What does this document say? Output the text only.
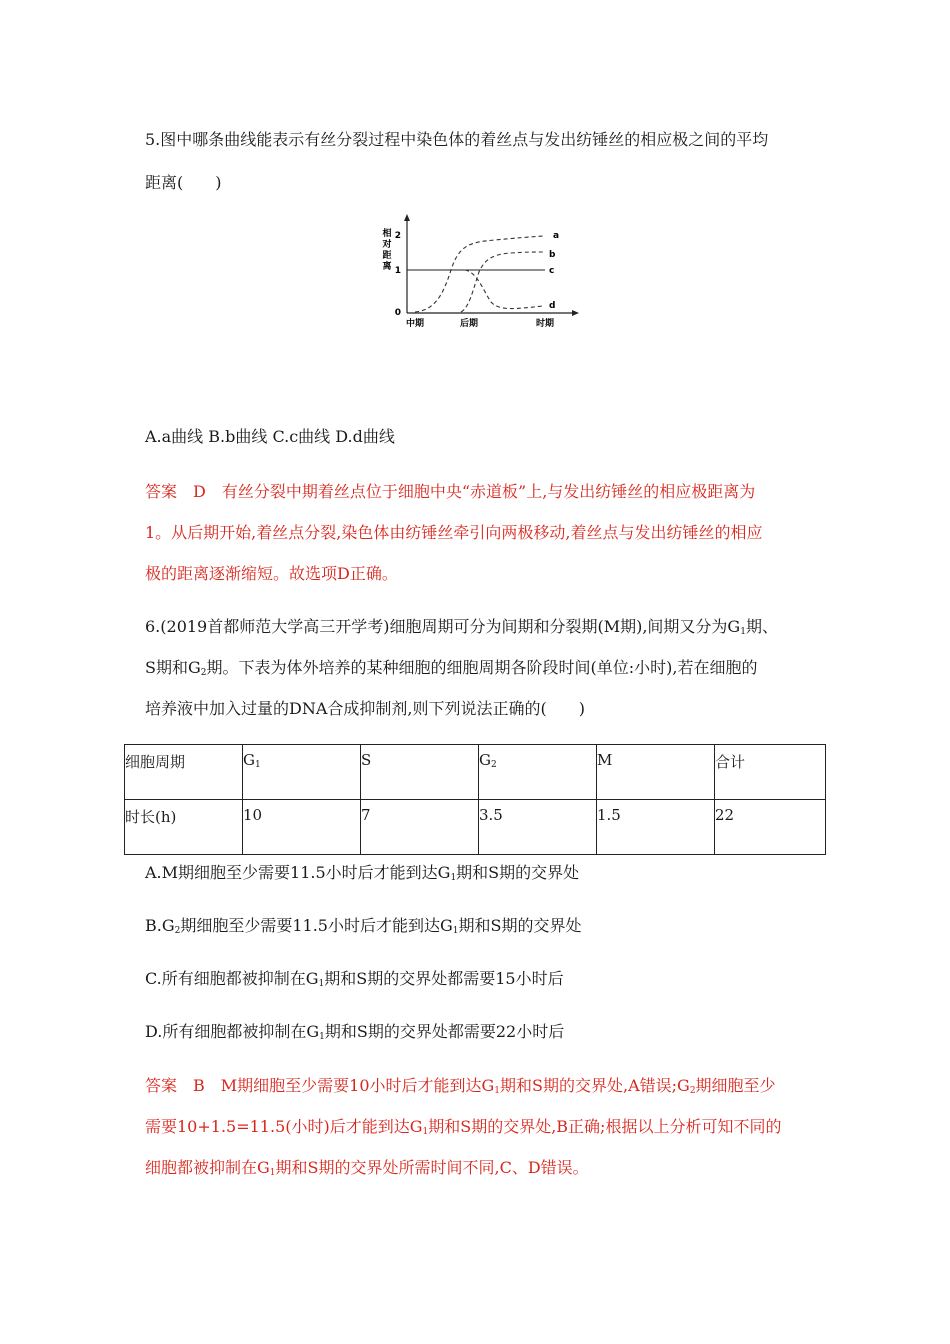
5.图中哪条曲线能表示有丝分裂过程中染色体的着丝点与发出纺锤丝的相应极之间的平均
距离(　　)
相
对
距
离
2
1
0
中期	后期	时期
a
b
c
d
A.a曲线 B.b曲线 C.c曲线 D.d曲线
答案　D　有丝分裂中期着丝点位于细胞中央“赤道板”上,与发出纺锤丝的相应极距离为
1。从后期开始,着丝点分裂,染色体由纺锤丝牵引向两极移动,着丝点与发出纺锤丝的相应
极的距离逐渐缩短。故选项D正确。
6.(2019首都师范大学高三开学考)细胞周期可分为间期和分裂期(M期),间期又分为$G_1$期、
S期和$G_2$期。下表为体外培养的某种细胞的细胞周期各阶段时间(单位:小时),若在细胞的
培养液中加入过量的DNA合成抑制剂,则下列说法正确的(　　)
细胞周期	$G_1$	S	$G_2$	M	合计
时长(h)	10	7	3.5	1.5	22
A.M期细胞至少需要11.5小时后才能到达$G_1$期和S期的交界处
$B.G_2$期细胞至少需要11.5小时后才能到达$G_1$期和S期的交界处
C.所有细胞都被抑制在$G_1$期和S期的交界处都需要15小时后
D.所有细胞都被抑制在$G_1$期和S期的交界处都需要22小时后
答案　B　M期细胞至少需要10小时后才能到达$G_1$期和S期的交界处,A错误$;G_2$期细胞至少
需要10+1.5=11.5(小时)后才能到达$G_1$期和S期的交界处,B正确;根据以上分析可知不同的
细胞都被抑制在$G_1$期和S期的交界处所需时间不同,C、D错误。
